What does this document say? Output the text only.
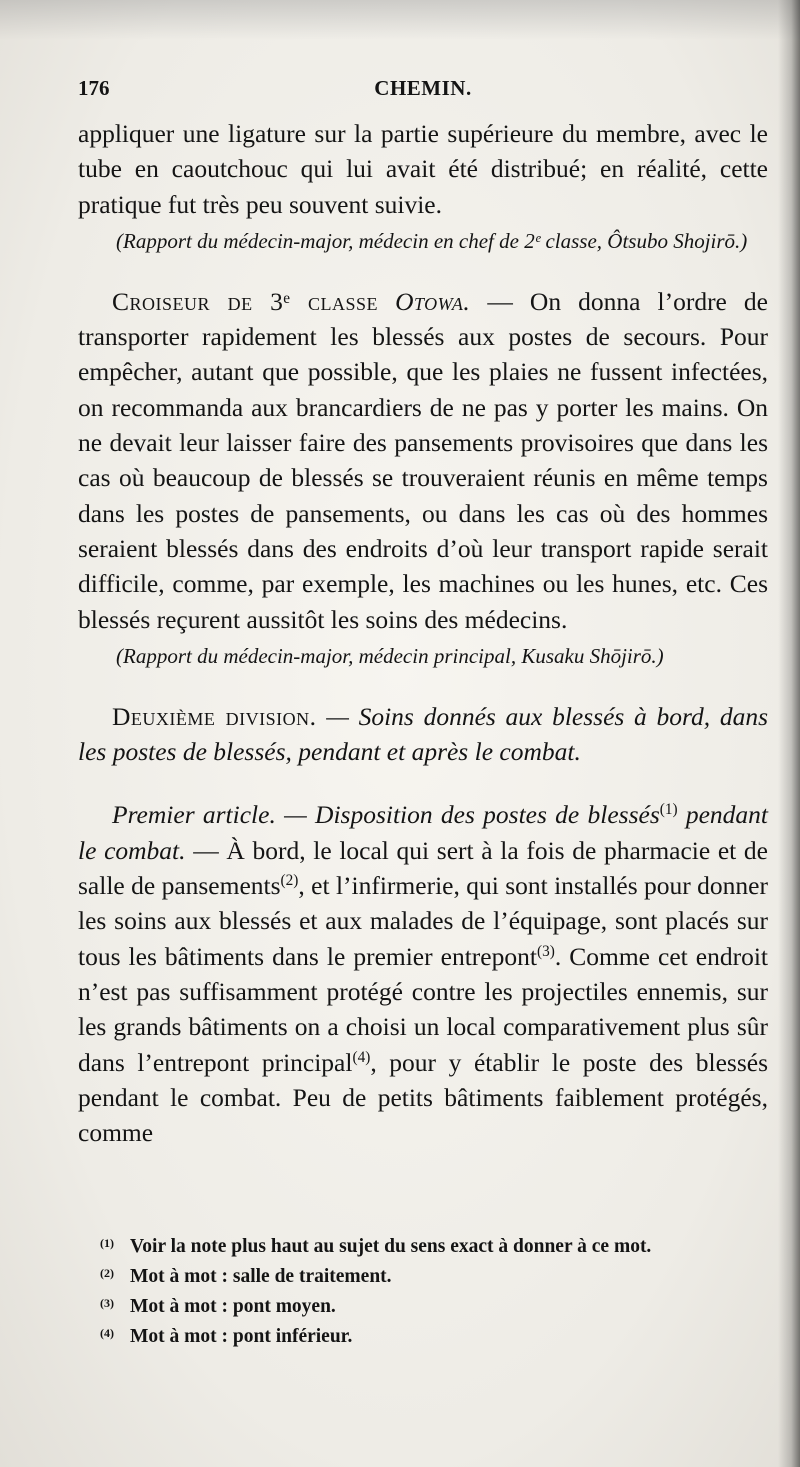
176	CHEMIN.

appliquer une ligature sur la partie supérieure du membre, avec le tube en caoutchouc qui lui avait été distribué; en réalité, cette pratique fut très peu souvent suivie.

(Rapport du médecin-major, médecin en chef de 2ᵉ classe, Ôtsubo Shojirō.)

Croiseur de 3ᵉ classe Otowa. — On donna l’ordre de transporter rapidement les blessés aux postes de secours. Pour empêcher, autant que possible, que les plaies ne fussent infectées, on recommanda aux brancardiers de ne pas y porter les mains. On ne devait leur laisser faire des pansements provisoires que dans les cas où beaucoup de blessés se trouveraient réunis en même temps dans les postes de pansements, ou dans les cas où des hommes seraient blessés dans des endroits d’où leur transport rapide serait difficile, comme, par exemple, les machines ou les hunes, etc. Ces blessés reçurent aussitôt les soins des médecins.

(Rapport du médecin-major, médecin principal, Kusaku Shōjirō.)

Deuxième division. — Soins donnés aux blessés à bord, dans les postes de blessés, pendant et après le combat.

Premier article. — Disposition des postes de blessés$^{(1)}$ pendant le combat. — À bord, le local qui sert à la fois de pharmacie et de salle de pansements$^{(2)}$, et l’infirmerie, qui sont installés pour donner les soins aux blessés et aux malades de l’équipage, sont placés sur tous les bâtiments dans le premier entrepont$^{(3)}$. Comme cet endroit n’est pas suffisamment protégé contre les projectiles ennemis, sur les grands bâtiments on a choisi un local comparativement plus sûr dans l’entrepont principal$^{(4)}$, pour y établir le poste des blessés pendant le combat. Peu de petits bâtiments faiblement protégés, comme

(1) Voir la note plus haut au sujet du sens exact à donner à ce mot.
(2) Mot à mot : salle de traitement.
(3) Mot à mot : pont moyen.
(4) Mot à mot : pont inférieur.
